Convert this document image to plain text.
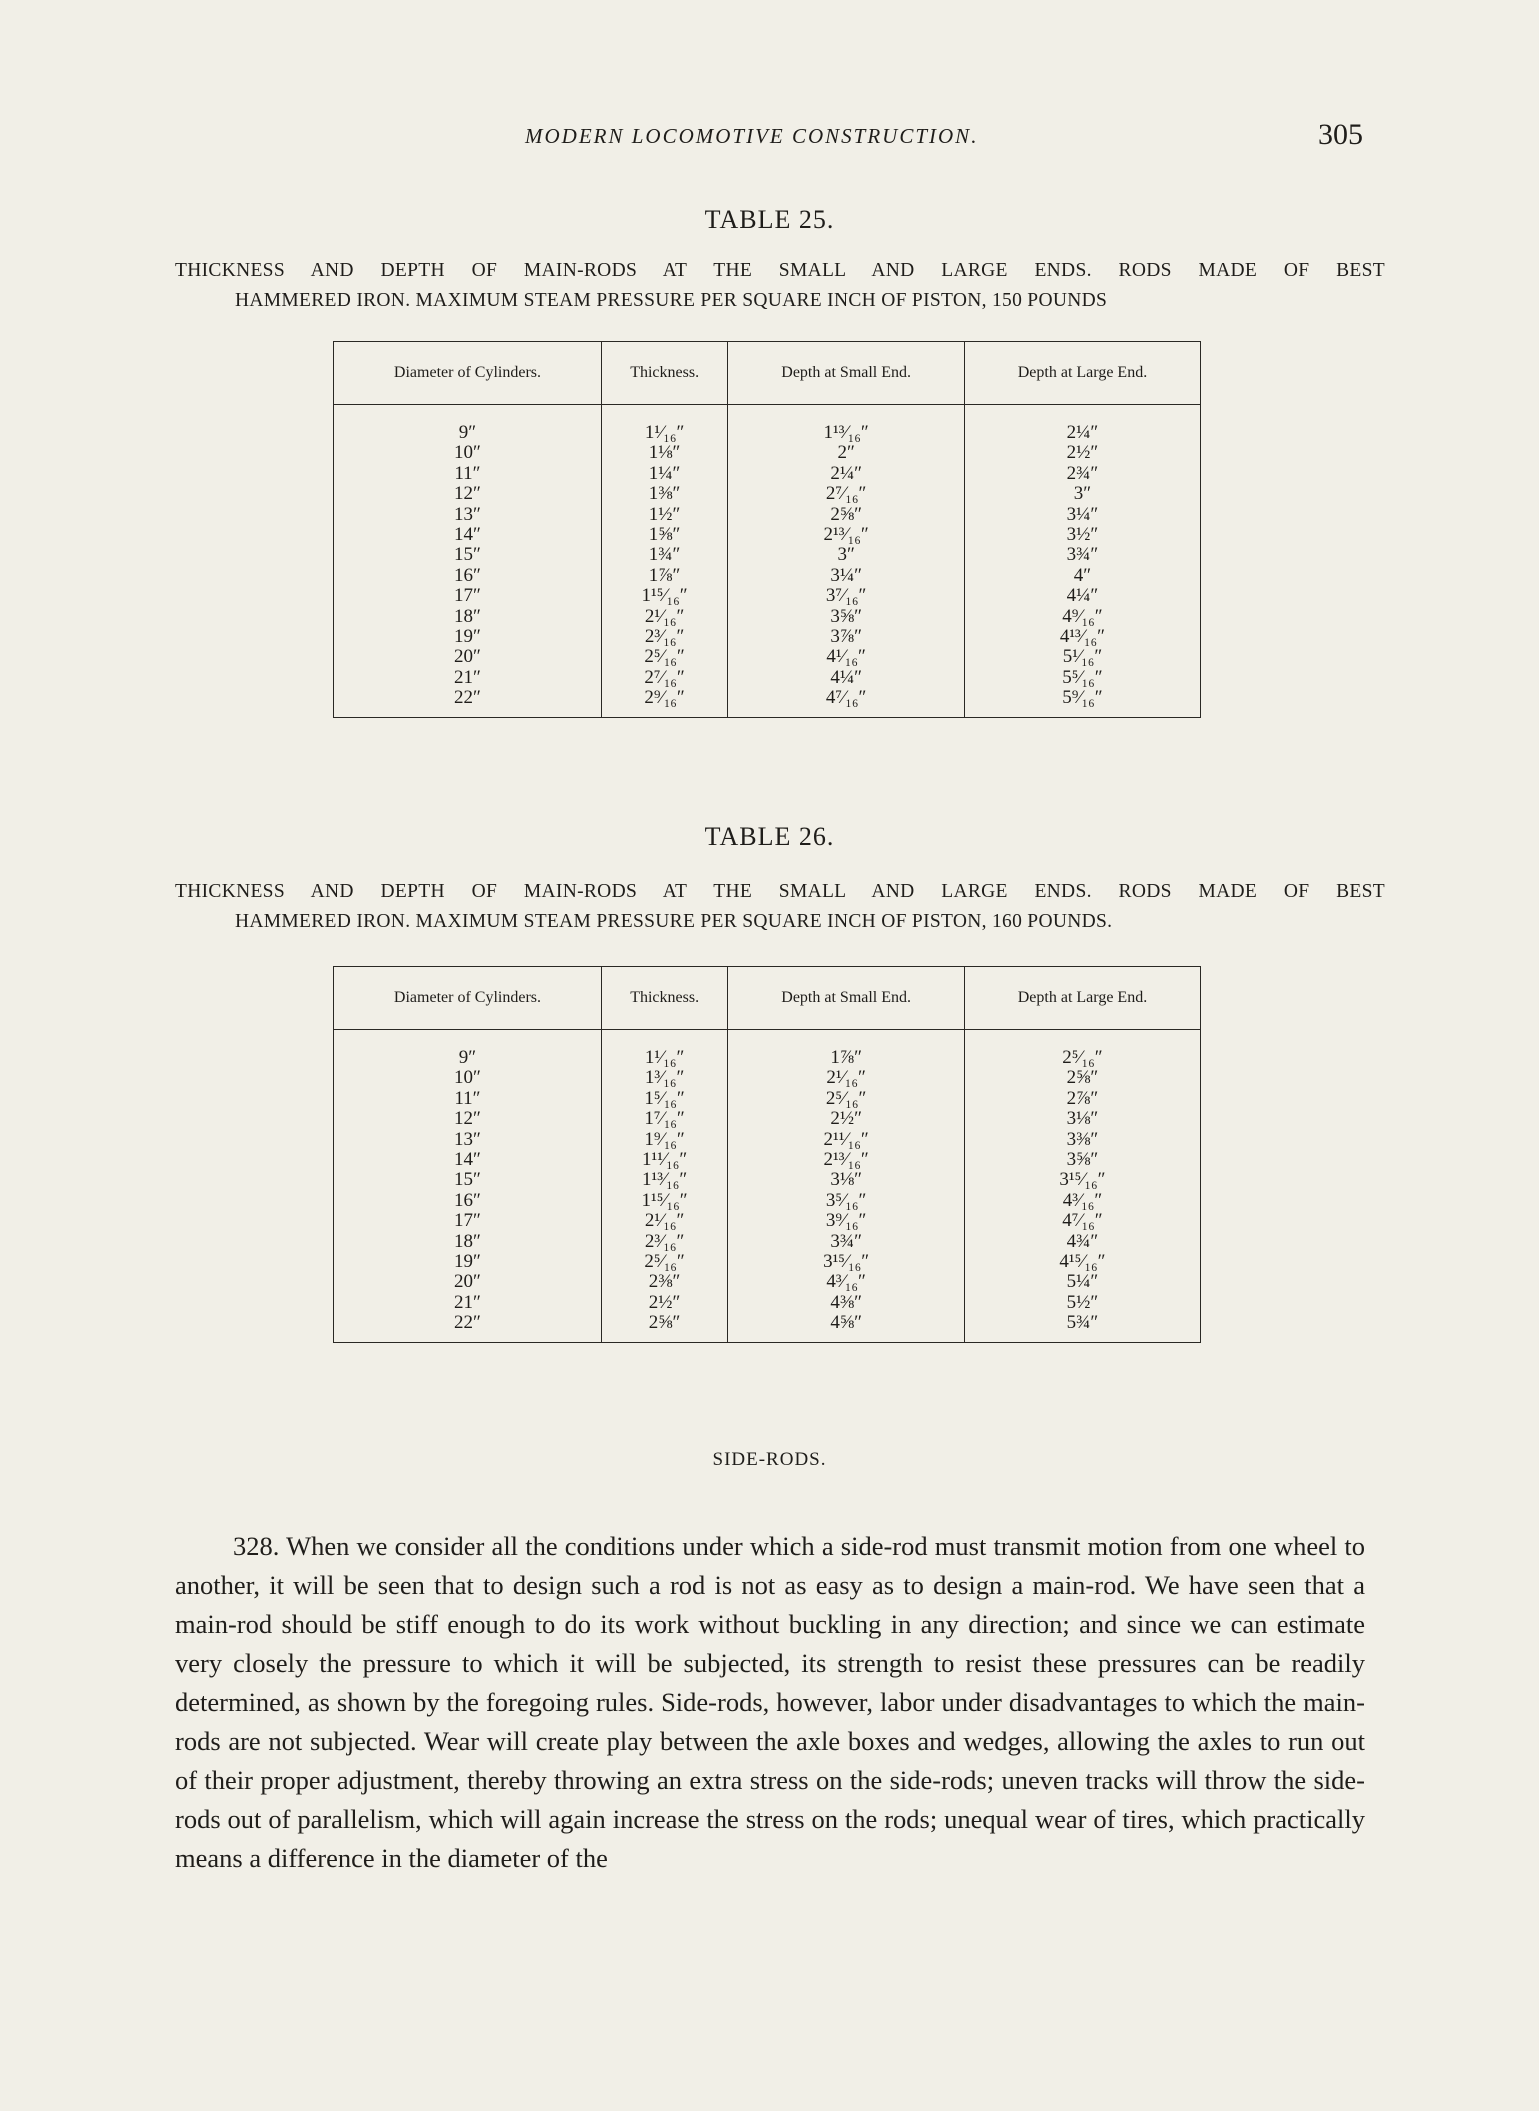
MODERN LOCOMOTIVE CONSTRUCTION.	305
TABLE 25.
THICKNESS AND DEPTH OF MAIN-RODS AT THE SMALL AND LARGE ENDS. RODS MADE OF BEST
HAMMERED IRON. MAXIMUM STEAM PRESSURE PER SQUARE INCH OF PISTON, 150 POUNDS
Diameter of Cylinders.	Thickness.	Depth at Small End.	Depth at Large End.
9″	1¹⁄₁₆″	1¹³⁄₁₆″	2¼″
10″	1⅛″	2″	2½″
11″	1¼″	2¼″	2¾″
12″	1⅜″	2⁷⁄₁₆″	3″
13″	1½″	2⅝″	3¼″
14″	1⅝″	2¹³⁄₁₆″	3½″
15″	1¾″	3″	3¾″
16″	1⅞″	3¼″	4″
17″	1¹⁵⁄₁₆″	3⁷⁄₁₆″	4¼″
18″	2¹⁄₁₆″	3⅝″	4⁹⁄₁₆″
19″	2³⁄₁₆″	3⅞″	4¹³⁄₁₆″
20″	2⁵⁄₁₆″	4¹⁄₁₆″	5¹⁄₁₆″
21″	2⁷⁄₁₆″	4¼″	5⁵⁄₁₆″
22″	2⁹⁄₁₆″	4⁷⁄₁₆″	5⁹⁄₁₆″
TABLE 26.
THICKNESS AND DEPTH OF MAIN-RODS AT THE SMALL AND LARGE ENDS. RODS MADE OF BEST
HAMMERED IRON. MAXIMUM STEAM PRESSURE PER SQUARE INCH OF PISTON, 160 POUNDS.
Diameter of Cylinders.	Thickness.	Depth at Small End.	Depth at Large End.
9″	1¹⁄₁₆″	1⅞″	2⁵⁄₁₆″
10″	1³⁄₁₆″	2¹⁄₁₆″	2⅝″
11″	1⁵⁄₁₆″	2⁵⁄₁₆″	2⅞″
12″	1⁷⁄₁₆″	2½″	3⅛″
13″	1⁹⁄₁₆″	2¹¹⁄₁₆″	3⅜″
14″	1¹¹⁄₁₆″	2¹³⁄₁₆″	3⅝″
15″	1¹³⁄₁₆″	3⅛″	3¹⁵⁄₁₆″
16″	1¹⁵⁄₁₆″	3⁵⁄₁₆″	4³⁄₁₆″
17″	2¹⁄₁₆″	3⁹⁄₁₆″	4⁷⁄₁₆″
18″	2³⁄₁₆″	3¾″	4¾″
19″	2⁵⁄₁₆″	3¹⁵⁄₁₆″	4¹⁵⁄₁₆″
20″	2⅜″	4³⁄₁₆″	5¼″
21″	2½″	4⅜″	5½″
22″	2⅝″	4⅝″	5¾″
SIDE-RODS.

328. When we consider all the conditions under which a side-rod must transmit motion from one wheel to another, it will be seen that to design such a rod is not as easy as to design a main-rod. We have seen that a main-rod should be stiff enough to do its work without buckling in any direction; and since we can estimate very closely the pressure to which it will be subjected, its strength to resist these pressures can be readily determined, as shown by the foregoing rules. Side-rods, however, labor under disadvantages to which the main-rods are not subjected. Wear will create play between the axle boxes and wedges, allowing the axles to run out of their proper adjustment, thereby throwing an extra stress on the side-rods; uneven tracks will throw the side-rods out of parallelism, which will again increase the stress on the rods; unequal wear of tires, which practically means a difference in the diameter of the
